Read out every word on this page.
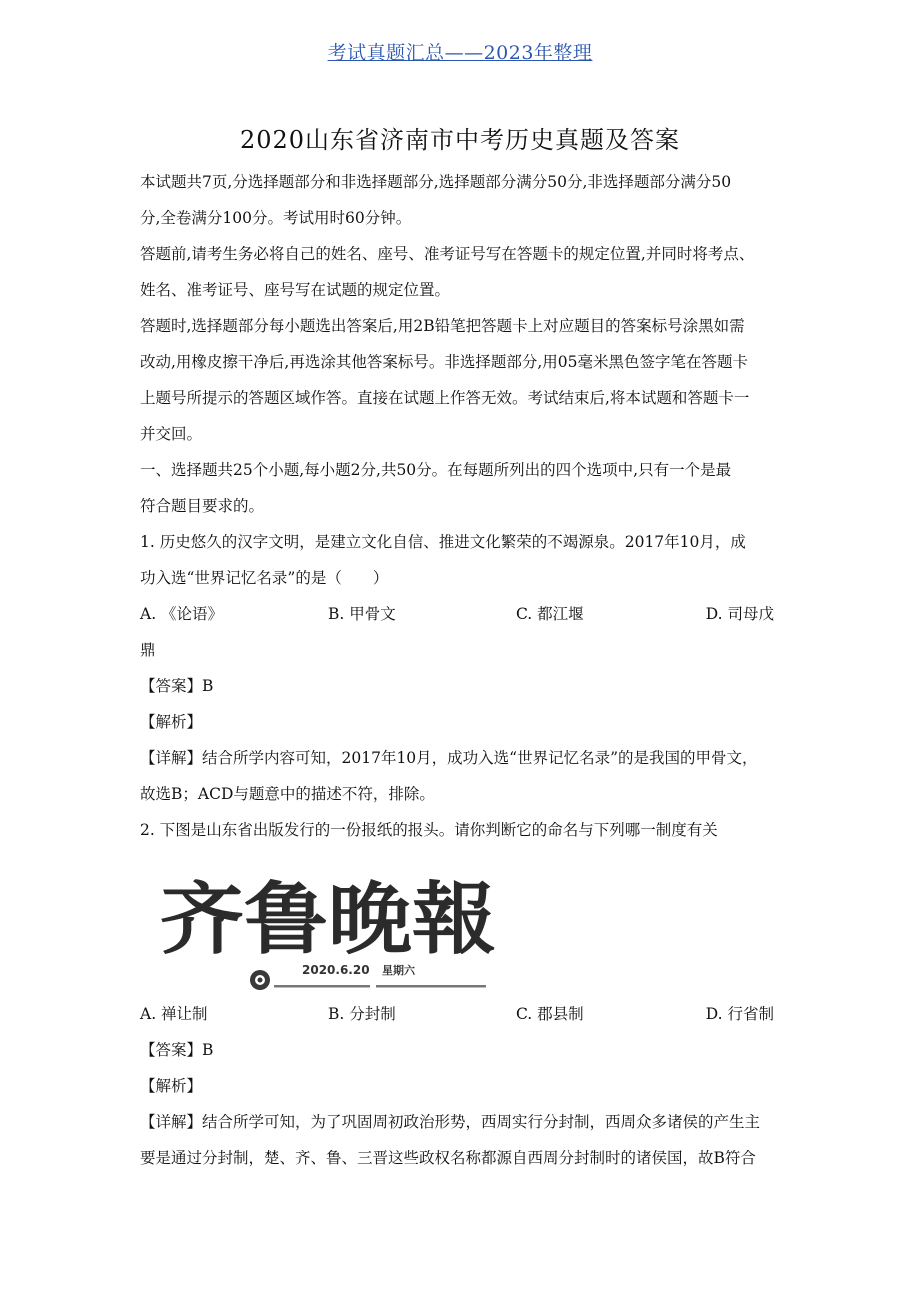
考试真题汇总——2023年整理
2020山东省济南市中考历史真题及答案

本试题共7页,分选择题部分和非选择题部分,选择题部分满分50分,非选择题部分满分50

分,全卷满分100分。考试用时60分钟。

答题前,请考生务必将自己的姓名、座号、准考证号写在答题卡的规定位置,并同时将考点、

姓名、准考证号、座号写在试题的规定位置。

答题时,选择题部分每小题选出答案后,用2B铅笔把答题卡上对应题目的答案标号涂黑如需

改动,用橡皮擦干净后,再选涂其他答案标号。非选择题部分,用05毫米黑色签字笔在答题卡

上题号所提示的答题区域作答。直接在试题上作答无效。考试结束后,将本试题和答题卡一

并交回。

一、选择题共25个小题,每小题2分,共50分。在每题所列出的四个选项中,只有一个是最

符合题目要求的。

1. 历史悠久的汉字文明，是建立文化自信、推进文化繁荣的不竭源泉。2017年10月，成

功入选“世界记忆名录”的是（　　）

A. 《论语》	B. 甲骨文	C. 都江堰	D. 司母戊
鼎

【答案】B

【解析】

【详解】结合所学内容可知，2017年10月，成功入选“世界记忆名录”的是我国的甲骨文，

故选B；ACD与题意中的描述不符，排除。

2. 下图是山东省出版发行的一份报纸的报头。请你判断它的命名与下列哪一制度有关

齐鲁晚報
2020.6.20 星期六
A. 禅让制	B. 分封制	C. 郡县制	D. 行省制

【答案】B

【解析】

【详解】结合所学可知，为了巩固周初政治形势，西周实行分封制，西周众多诸侯的产生主

要是通过分封制，楚、齐、鲁、三晋这些政权名称都源自西周分封制时的诸侯国，故B符合
